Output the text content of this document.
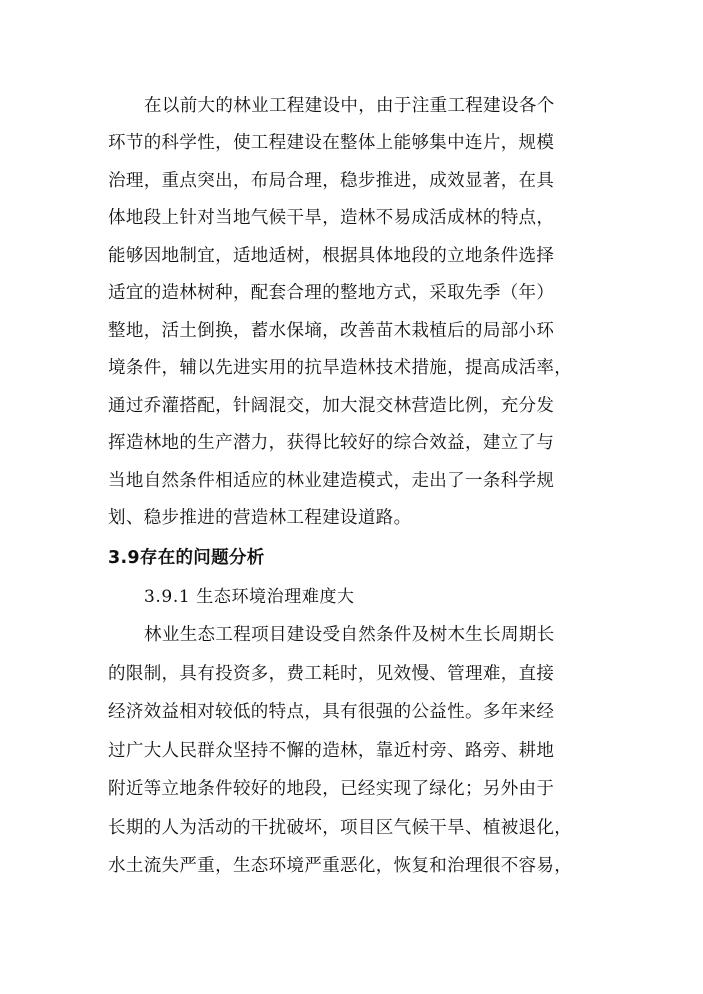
在以前大的林业工程建设中，由于注重工程建设各个
环节的科学性，使工程建设在整体上能够集中连片，规模
治理，重点突出，布局合理，稳步推进，成效显著，在具
体地段上针对当地气候干旱，造林不易成活成林的特点，
能够因地制宜，适地适树，根据具体地段的立地条件选择
适宜的造林树种，配套合理的整地方式，采取先季（年）
整地，活土倒换，蓄水保墒，改善苗木栽植后的局部小环
境条件，辅以先进实用的抗旱造林技术措施，提高成活率，
通过乔灌搭配，针阔混交，加大混交林营造比例，充分发
挥造林地的生产潜力，获得比较好的综合效益，建立了与
当地自然条件相适应的林业建造模式，走出了一条科学规
划、稳步推进的营造林工程建设道路。
3.9存在的问题分析
3.9.1 生态环境治理难度大
林业生态工程项目建设受自然条件及树木生长周期长
的限制，具有投资多，费工耗时，见效慢、管理难，直接
经济效益相对较低的特点，具有很强的公益性。多年来经
过广大人民群众坚持不懈的造林，靠近村旁、路旁、耕地
附近等立地条件较好的地段，已经实现了绿化；另外由于
长期的人为活动的干扰破坏，项目区气候干旱、植被退化，
水土流失严重，生态环境严重恶化，恢复和治理很不容易，
